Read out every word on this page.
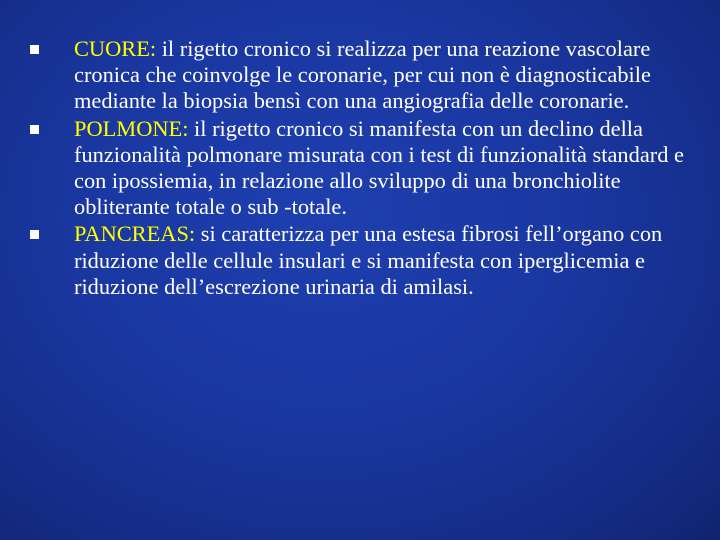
CUORE: il rigetto cronico si realizza per una reazione vascolare cronica che coinvolge le coronarie, per cui non è diagnosticabile mediante la biopsia bensì con una angiografia delle coronarie.
POLMONE: il rigetto cronico si manifesta con un declino della funzionalità polmonare misurata con i test di funzionalità standard e con ipossiemia, in relazione allo sviluppo di una bronchiolite obliterante totale o sub -totale.
PANCREAS: si caratterizza per una estesa fibrosi fell’organo con riduzione delle cellule insulari e si manifesta con iperglicemia e riduzione dell’escrezione urinaria di amilasi.
